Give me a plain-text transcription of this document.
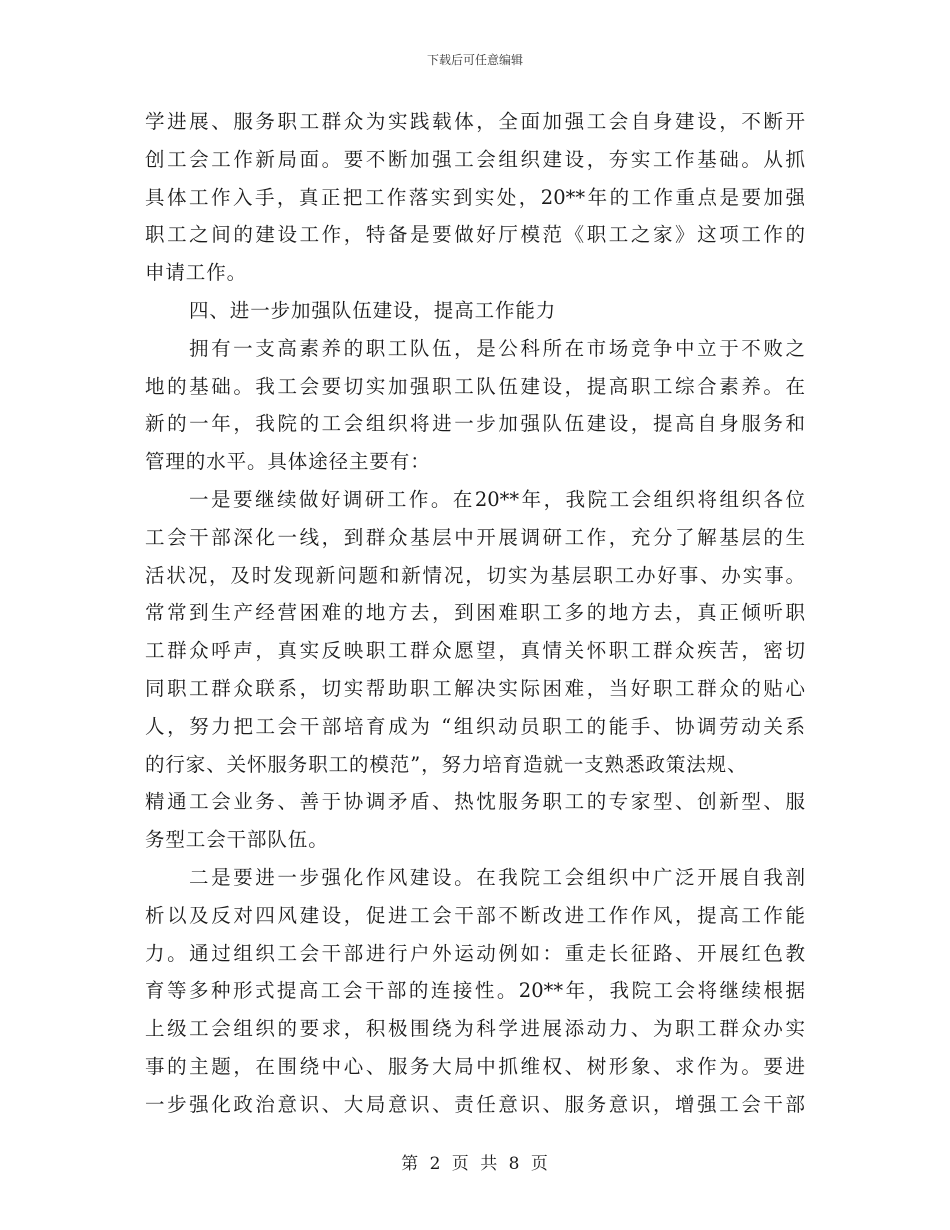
下载后可任意编辑
学进展、服务职工群众为实践载体，全面加强工会自身建设，不断开
创工会工作新局面。要不断加强工会组织建设，夯实工作基础。从抓
具体工作入手，真正把工作落实到实处，20**年的工作重点是要加强
职工之间的建设工作，特备是要做好厅模范《职工之家》这项工作的
申请工作。
四、进一步加强队伍建设，提高工作能力
拥有一支高素养的职工队伍，是公科所在市场竞争中立于不败之
地的基础。我工会要切实加强职工队伍建设，提高职工综合素养。在
新的一年，我院的工会组织将进一步加强队伍建设，提高自身服务和
管理的水平。具体途径主要有：
一是要继续做好调研工作。在20**年，我院工会组织将组织各位
工会干部深化一线，到群众基层中开展调研工作，充分了解基层的生
活状况，及时发现新问题和新情况，切实为基层职工办好事、办实事。
常常到生产经营困难的地方去，到困难职工多的地方去，真正倾听职
工群众呼声，真实反映职工群众愿望，真情关怀职工群众疾苦，密切
同职工群众联系，切实帮助职工解决实际困难，当好职工群众的贴心
人，努力把工会干部培育成为 “组织动员职工的能手、协调劳动关系
的行家、关怀服务职工的模范”，努力培育造就一支熟悉政策法规、
精通工会业务、善于协调矛盾、热忱服务职工的专家型、创新型、服
务型工会干部队伍。
二是要进一步强化作风建设。在我院工会组织中广泛开展自我剖
析以及反对四风建设，促进工会干部不断改进工作作风，提高工作能
力。通过组织工会干部进行户外运动例如：重走长征路、开展红色教
育等多种形式提高工会干部的连接性。20**年，我院工会将继续根据
上级工会组织的要求，积极围绕为科学进展添动力、为职工群众办实
事的主题，在围绕中心、服务大局中抓维权、树形象、求作为。要进
一步强化政治意识、大局意识、责任意识、服务意识，增强工会干部
第 2 页 共 8 页
